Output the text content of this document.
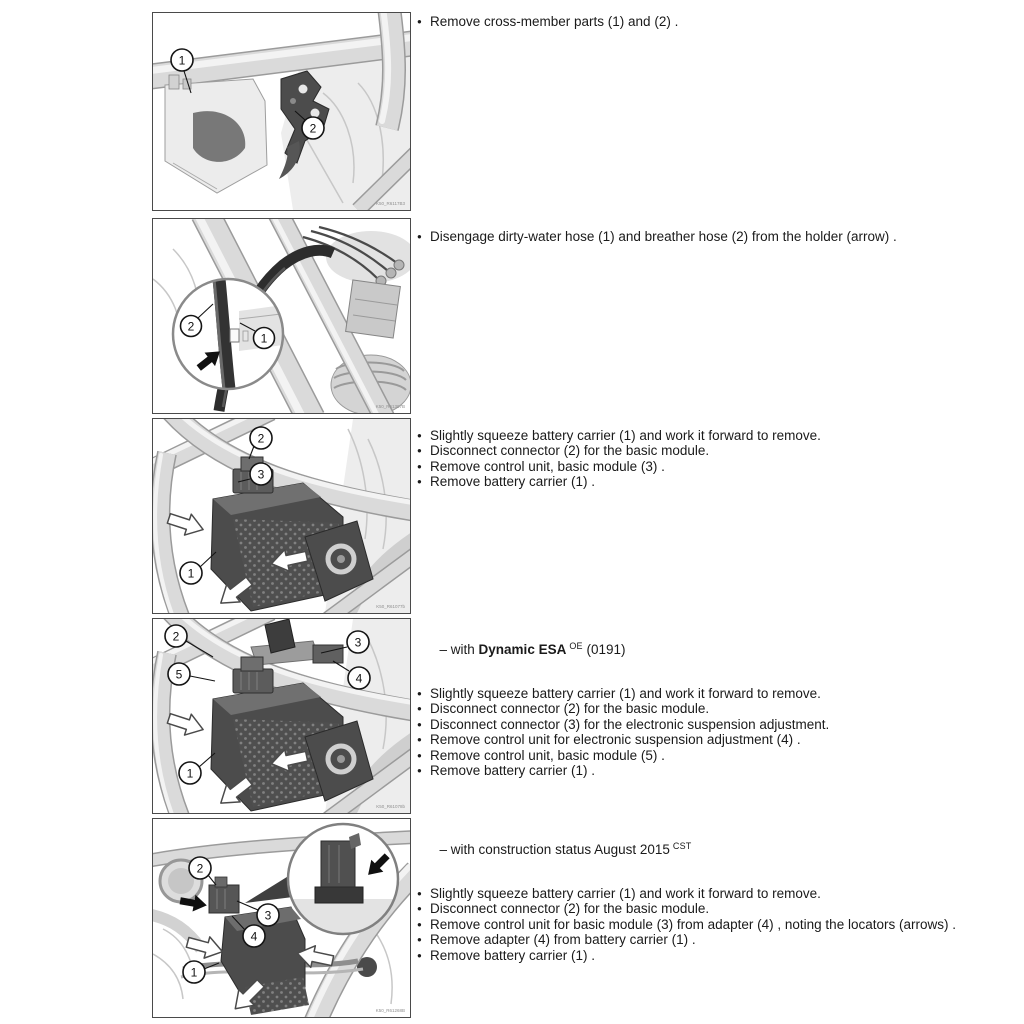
1
2
K50_R6117B3
2
1
K50_R61307B
2
3
1
K50_R61077b
2
5
3
4
1
K50_R61078b
2
3
4
1
K50_R61268B
● Remove cross-member parts (1) and (2) .
● Disengage dirty-water hose (1) and breather hose (2) from the holder (arrow) .
● Slightly squeeze battery carrier (1) and work it forward to remove.
● Disconnect connector (2) for the basic module.
● Remove control unit, basic module (3) .
● Remove battery carrier (1) .

– with Dynamic ESA $^{OE}$ (0191)

● Slightly squeeze battery carrier (1) and work it forward to remove.
● Disconnect connector (2) for the basic module.
● Disconnect connector (3) for the electronic suspension adjustment.
● Remove control unit for electronic suspension adjustment (4) .
● Remove control unit, basic module (5) .
● Remove battery carrier (1) .

– with construction status August 2015 $^{CST}$

● Slightly squeeze battery carrier (1) and work it forward to remove.
● Disconnect connector (2) for the basic module.
● Remove control unit for basic module (3) from adapter (4) , noting the locators (arrows) .
● Remove adapter (4) from battery carrier (1) .
● Remove battery carrier (1) .
